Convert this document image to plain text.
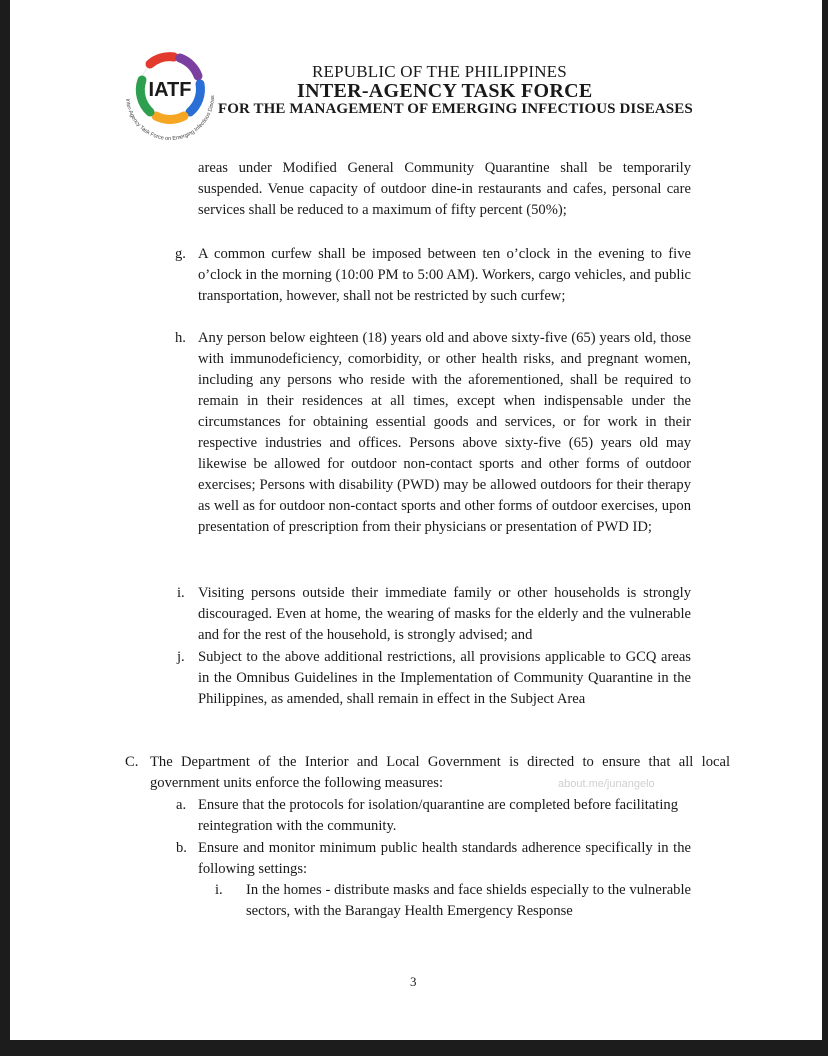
IATF
Inter-Agency Task Force on Emerging Infectious Diseas
REPUBLIC OF THE PHILIPPINES
INTER-AGENCY TASK FORCE
FOR THE MANAGEMENT OF EMERGING INFECTIOUS DISEASES
areas under Modified General Community Quarantine shall be temporarily suspended. Venue capacity of outdoor dine-in restaurants and cafes, personal care services shall be reduced to a maximum of fifty percent (50%);
g. A common curfew shall be imposed between ten o’clock in the evening to five o’clock in the morning (10:00 PM to 5:00 AM). Workers, cargo vehicles, and public transportation, however, shall not be restricted by such curfew;
h. Any person below eighteen (18) years old and above sixty-five (65) years old, those with immunodeficiency, comorbidity, or other health risks, and pregnant women, including any persons who reside with the aforementioned, shall be required to remain in their residences at all times, except when indispensable under the circumstances for obtaining essential goods and services, or for work in their respective industries and offices. Persons above sixty-five (65) years old may likewise be allowed for outdoor non-contact sports and other forms of outdoor exercises; Persons with disability (PWD) may be allowed outdoors for their therapy as well as for outdoor non-contact sports and other forms of outdoor exercises, upon presentation of prescription from their physicians or presentation of PWD ID;
i. Visiting persons outside their immediate family or other households is strongly discouraged. Even at home, the wearing of masks for the elderly and the vulnerable and for the rest of the household, is strongly advised; and
j. Subject to the above additional restrictions, all provisions applicable to GCQ areas in the Omnibus Guidelines in the Implementation of Community Quarantine in the Philippines, as amended, shall remain in effect in the Subject Area
C. The Department of the Interior and Local Government is directed to ensure that all local government units enforce the following measures:
a. Ensure that the protocols for isolation/quarantine are completed before facilitating reintegration with the community.
b. Ensure and monitor minimum public health standards adherence specifically in the following settings:
i. In the homes - distribute masks and face shields especially to the vulnerable sectors, with the Barangay Health Emergency Response
about.me/junangelo
3
